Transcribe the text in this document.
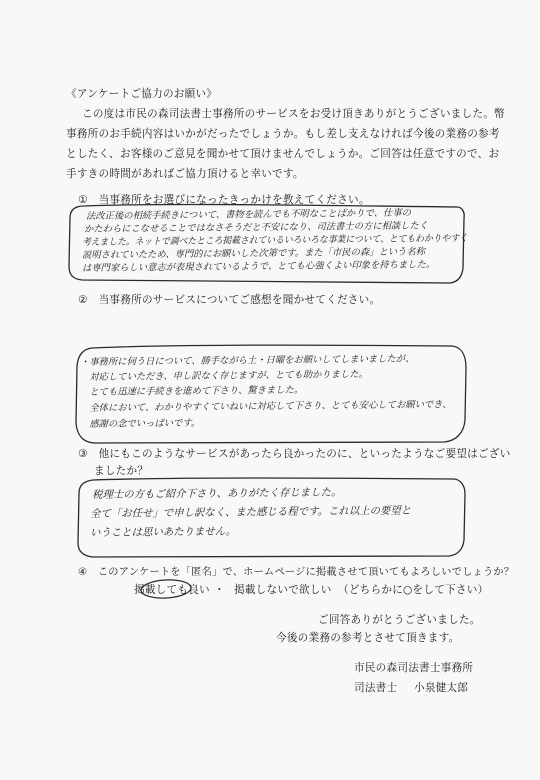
《アンケートご協力のお願い》
この度は市民の森司法書士事務所のサービスをお受け頂きありがとうございました。幣
事務所のお手続内容はいかがだったでしょうか。もし差し支えなければ今後の業務の参考
としたく、お客様のご意見を聞かせて頂けませんでしょうか。ご回答は任意ですので、お
手すきの時間があればご協力頂けると幸いです。
①　当事務所をお選びになったきっかけを教えてください。
法改正後の相続手続きについて、書物を読んでも不明なことばかりで、仕事の
かたわらにこなせることではなさそうだと不安になり、司法書士の方に相談したく
考えました。ネットで調べたところ掲載されているいろいろな事業について、とてもわかりやすく
説明されていたため、専門的にお願いした次第です。また「市民の森」という名称
は専門家らしい意志が表現されているようで、とても心強くよい印象を持ちました。
②　当事務所のサービスについてご感想を聞かせてください。
・事務所に伺う日について、勝手ながら土・日曜をお願いしてしまいましたが、
　対応していただき、申し訳なく存じますが、とても助かりました。
　とても迅速に手続きを進めて下さり、驚きました。
　全体において、わかりやすくていねいに対応して下さり、とても安心してお願いでき、
　感謝の念でいっぱいです。
③　他にもこのようなサービスがあったら良かったのに、といったようなご要望はござい
ましたか？
税理士の方もご紹介下さり、ありがたく存じました。
全て「お任せ」で申し訳なく、また感じる程です。これ以上の要望と
いうことは思いあたりません。
④　このアンケートを「匿名」で、ホームページに掲載させて頂いてもよろしいでしょうか？
掲載しても良い ・ 掲載しないで欲しい （どちらかに○をして下さい）
ご回答ありがとうございました。
今後の業務の参考とさせて頂きます。
市民の森司法書士事務所
司法書士 小泉健太郎
